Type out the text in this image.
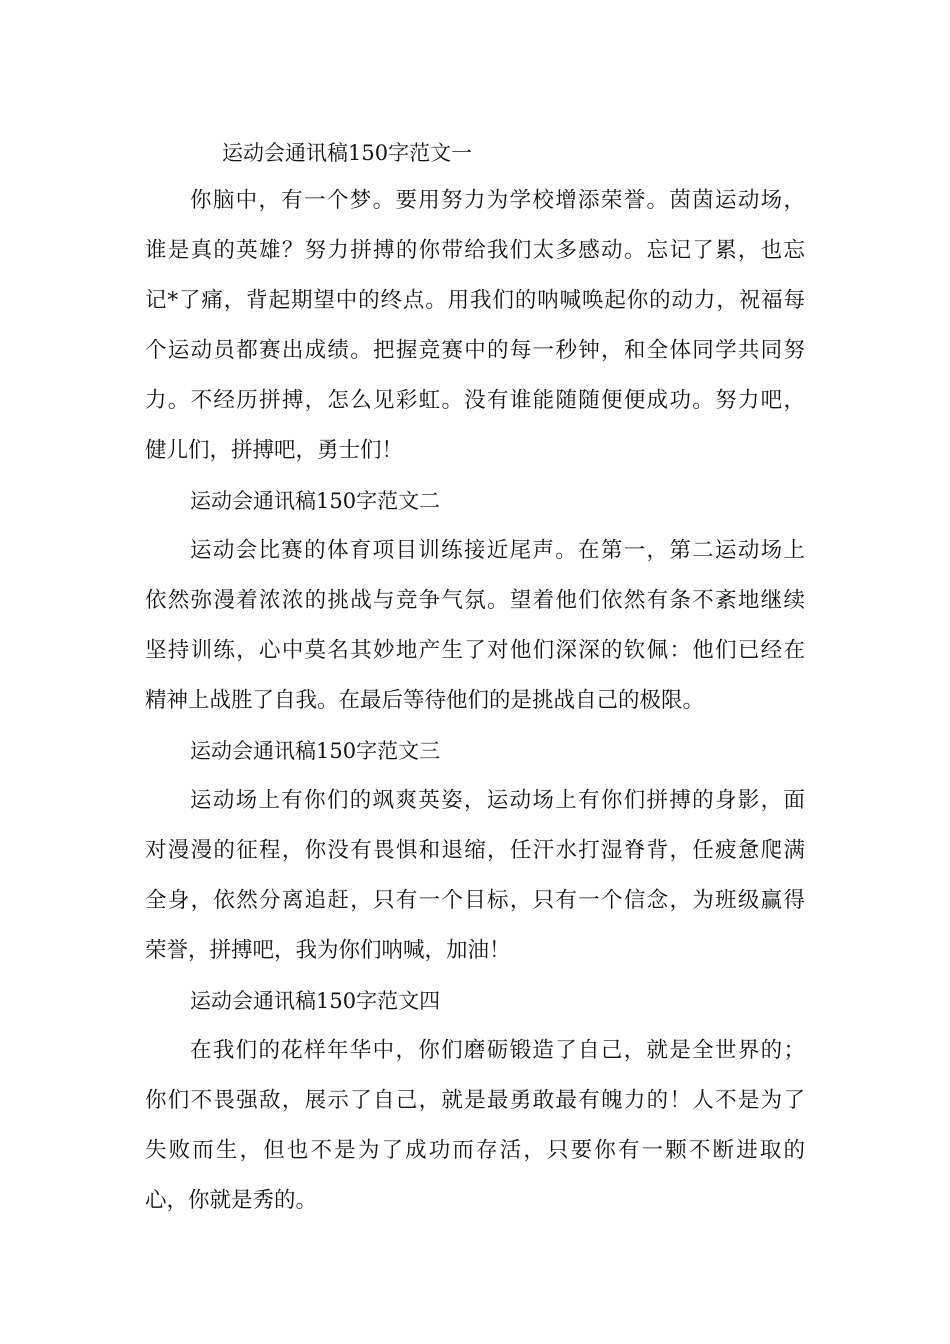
运动会通讯稿150字范文一
你脑中，有一个梦。要用努力为学校增添荣誉。茵茵运动场，
谁是真的英雄？努力拼搏的你带给我们太多感动。忘记了累，也忘
记*了痛，背起期望中的终点。用我们的呐喊唤起你的动力，祝福每
个运动员都赛出成绩。把握竞赛中的每一秒钟，和全体同学共同努
力。不经历拼搏，怎么见彩虹。没有谁能随随便便成功。努力吧，
健儿们，拼搏吧，勇士们！
运动会通讯稿150字范文二
运动会比赛的体育项目训练接近尾声。在第一，第二运动场上
依然弥漫着浓浓的挑战与竞争气氛。望着他们依然有条不紊地继续
坚持训练，心中莫名其妙地产生了对他们深深的钦佩：他们已经在
精神上战胜了自我。在最后等待他们的是挑战自己的极限。
运动会通讯稿150字范文三
运动场上有你们的飒爽英姿，运动场上有你们拼搏的身影，面
对漫漫的征程，你没有畏惧和退缩，任汗水打湿脊背，任疲惫爬满
全身，依然分离追赶，只有一个目标，只有一个信念，为班级赢得
荣誉，拼搏吧，我为你们呐喊，加油！
运动会通讯稿150字范文四
在我们的花样年华中，你们磨砺锻造了自己，就是全世界的；
你们不畏强敌，展示了自己，就是最勇敢最有魄力的！人不是为了
失败而生，但也不是为了成功而存活，只要你有一颗不断进取的
心，你就是秀的。
